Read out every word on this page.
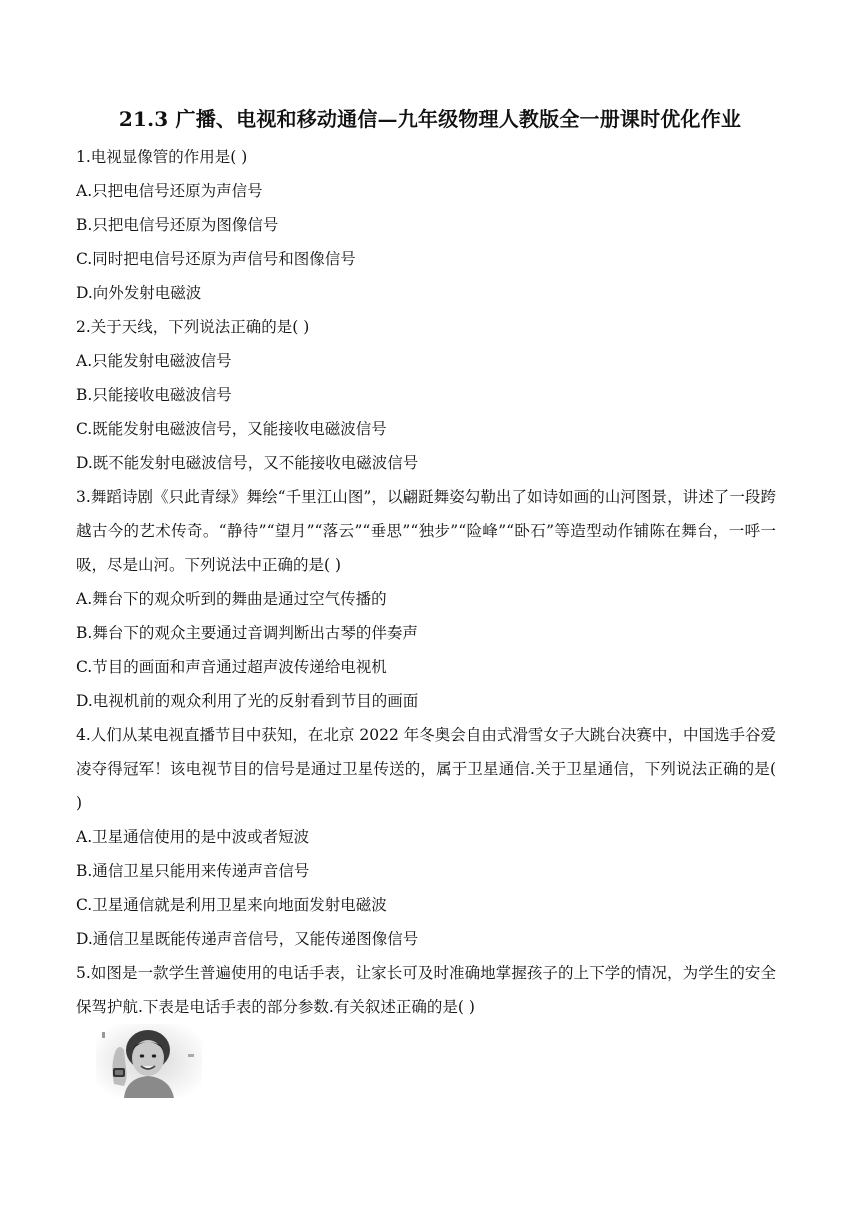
21.3 广播、电视和移动通信—九年级物理人教版全一册课时优化作业
1.电视显像管的作用是( )
A.只把电信号还原为声信号
B.只把电信号还原为图像信号
C.同时把电信号还原为声信号和图像信号
D.向外发射电磁波
2.关于天线，下列说法正确的是( )
A.只能发射电磁波信号
B.只能接收电磁波信号
C.既能发射电磁波信号，又能接收电磁波信号
D.既不能发射电磁波信号，又不能接收电磁波信号
3.舞蹈诗剧《只此青绿》舞绘“千里江山图”，以翩跹舞姿勾勒出了如诗如画的山河图景，讲述了一段跨越古今的艺术传奇。“静待”“望月”“落云”“垂思”“独步”“险峰”“卧石”等造型动作铺陈在舞台，一呼一吸，尽是山河。下列说法中正确的是( )
A.舞台下的观众听到的舞曲是通过空气传播的
B.舞台下的观众主要通过音调判断出古琴的伴奏声
C.节目的画面和声音通过超声波传递给电视机
D.电视机前的观众利用了光的反射看到节目的画面
4.人们从某电视直播节目中获知，在北京 2022 年冬奥会自由式滑雪女子大跳台决赛中，中国选手谷爱凌夺得冠军！该电视节目的信号是通过卫星传送的，属于卫星通信.关于卫星通信，下列说法正确的是( )
A.卫星通信使用的是中波或者短波
B.通信卫星只能用来传递声音信号
C.卫星通信就是利用卫星来向地面发射电磁波
D.通信卫星既能传递声音信号，又能传递图像信号
5.如图是一款学生普遍使用的电话手表，让家长可及时准确地掌握孩子的上下学的情况，为学生的安全保驾护航.下表是电话手表的部分参数.有关叙述正确的是( )
